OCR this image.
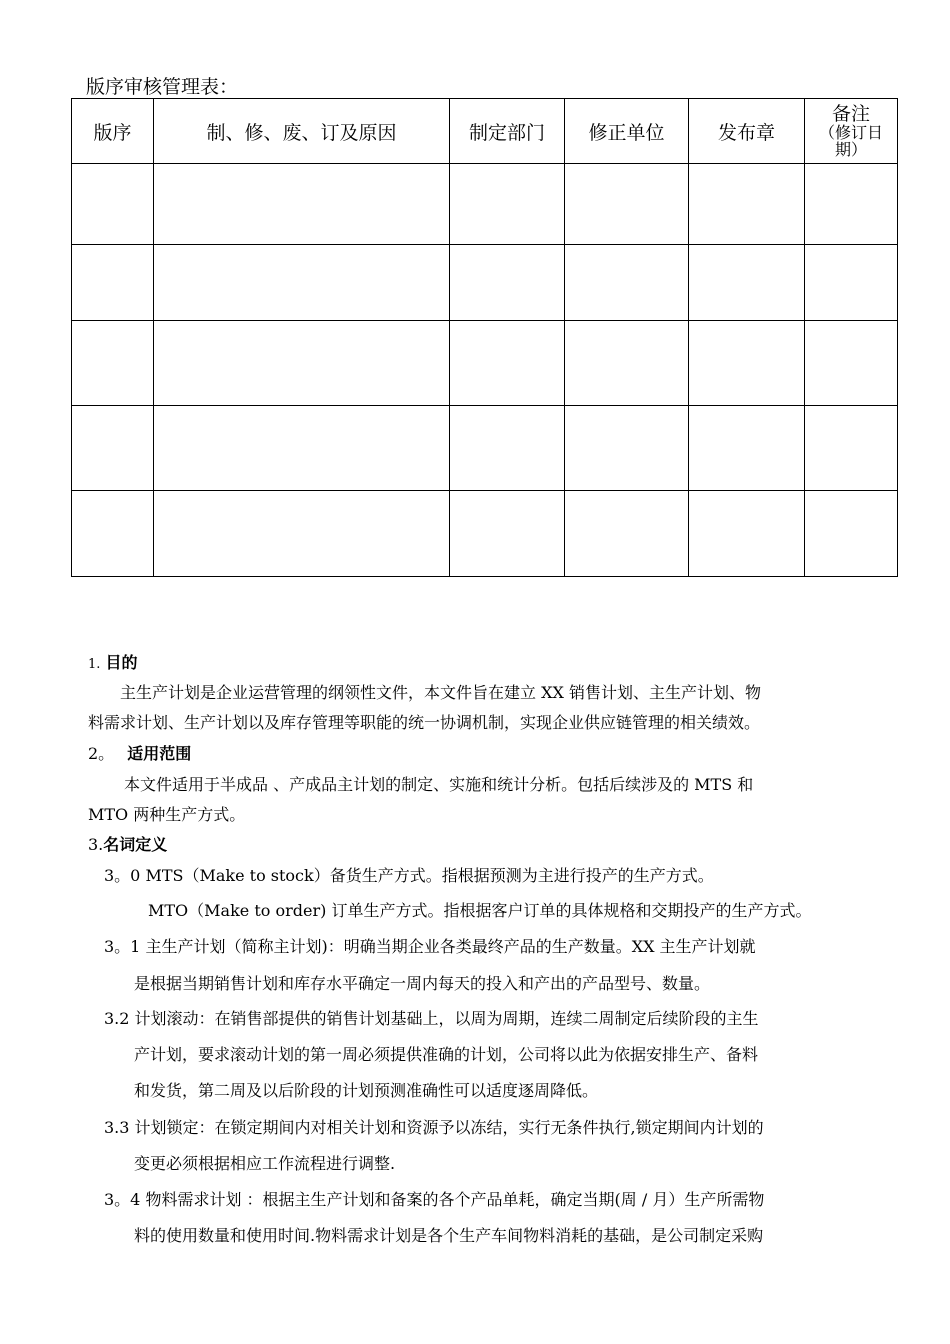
版序审核管理表：
版序	制、修、废、订及原因	制定部门	修正单位	发布章	备注
（修订日
期）

1. 目的
主生产计划是企业运营管理的纲领性文件，本文件旨在建立 XX 销售计划、主生产计划、物
料需求计划、生产计划以及库存管理等职能的统一协调机制，实现企业供应链管理的相关绩效。
2。 适用范围
本文件适用于半成品 、产成品主计划的制定、实施和统计分析。包括后续涉及的 MTS 和
MTO 两种生产方式。
3.名词定义
3。0 MTS（Make to stock）备货生产方式。指根据预测为主进行投产的生产方式。
MTO（Make to order) 订单生产方式。指根据客户订单的具体规格和交期投产的生产方式。
3。1 主生产计划（简称主计划)：明确当期企业各类最终产品的生产数量。XX 主生产计划就
是根据当期销售计划和库存水平确定一周内每天的投入和产出的产品型号、数量。
3.2 计划滚动：在销售部提供的销售计划基础上，以周为周期，连续二周制定后续阶段的主生
产计划，要求滚动计划的第一周必须提供准确的计划，公司将以此为依据安排生产、备料
和发货，第二周及以后阶段的计划预测准确性可以适度逐周降低。
3.3 计划锁定：在锁定期间内对相关计划和资源予以冻结，实行无条件执行,锁定期间内计划的
变更必须根据相应工作流程进行调整.
3。4 物料需求计划 ：根据主生产计划和备案的各个产品单耗，确定当期(周 / 月）生产所需物
料的使用数量和使用时间.物料需求计划是各个生产车间物料消耗的基础，是公司制定采购
